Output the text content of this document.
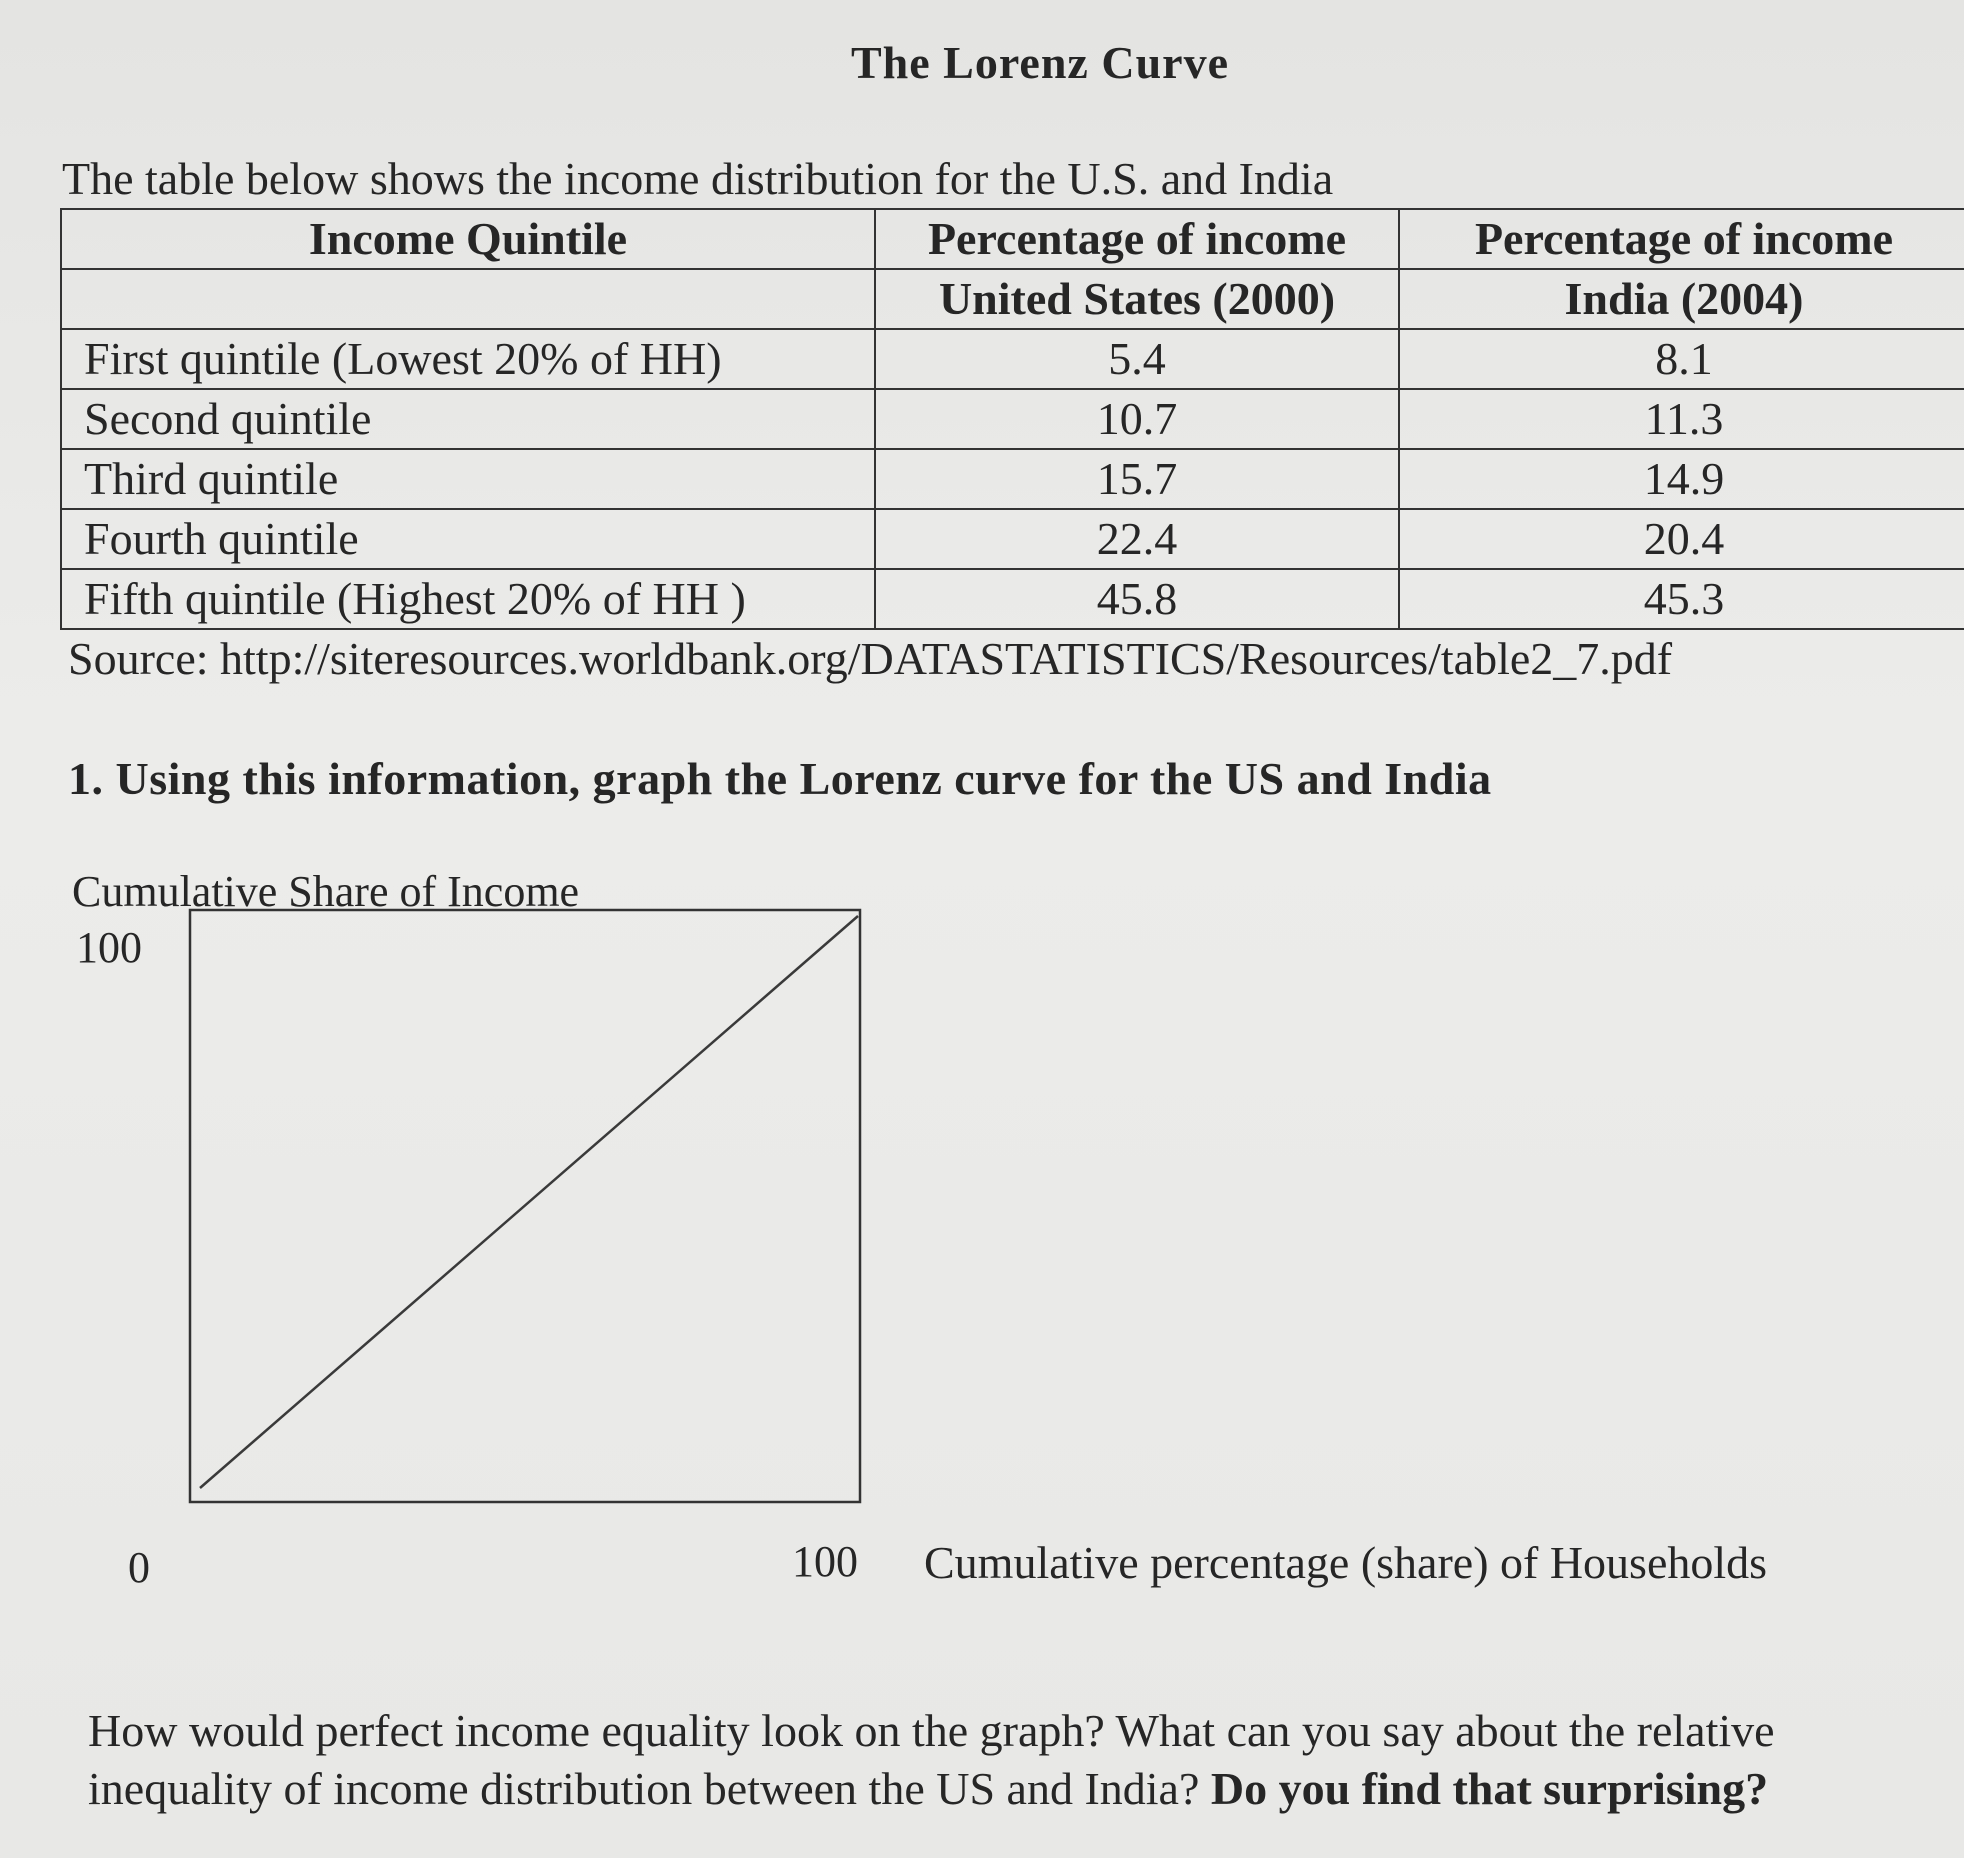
The Lorenz Curve
The table below shows the income distribution for the U.S. and India
Income Quintile	Percentage of income	Percentage of income
	United States (2000)	India (2004)
First quintile (Lowest 20% of HH)	5.4	8.1
Second quintile	10.7	11.3
Third quintile	15.7	14.9
Fourth quintile	22.4	20.4
Fifth quintile (Highest 20% of HH )	45.8	45.3
Source: http://siteresources.worldbank.org/DATASTATISTICS/Resources/table2_7.pdf
1. Using this information, graph the Lorenz curve for the US and India
Cumulative Share of Income
100
0	100 Cumulative percentage (share) of Households
How would perfect income equality look on the graph? What can you say about the relative inequality of income distribution between the US and India? Do you find that surprising?
